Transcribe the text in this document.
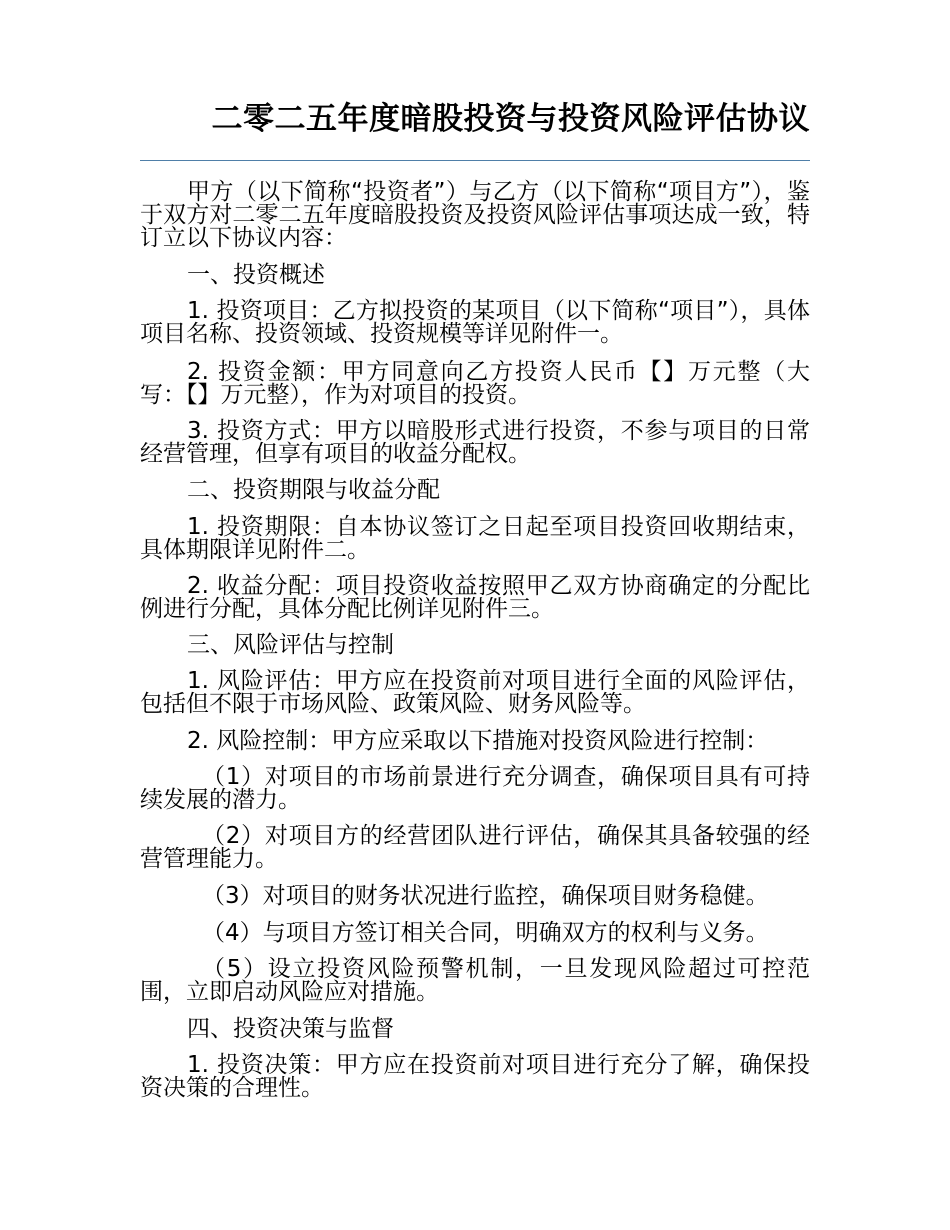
二零二五年度暗股投资与投资风险评估协议
甲方（以下简称“投资者”）与乙方（以下简称“项目方”），鉴于双方对二零二五年度暗股投资及投资风险评估事项达成一致，特订立以下协议内容：
一、投资概述
1. 投资项目：乙方拟投资的某项目（以下简称“项目”），具体项目名称、投资领域、投资规模等详见附件一。
2. 投资金额：甲方同意向乙方投资人民币【】万元整（大写：【】万元整），作为对项目的投资。
3. 投资方式：甲方以暗股形式进行投资，不参与项目的日常经营管理，但享有项目的收益分配权。
二、投资期限与收益分配
1. 投资期限：自本协议签订之日起至项目投资回收期结束，具体期限详见附件二。
2. 收益分配：项目投资收益按照甲乙双方协商确定的分配比例进行分配，具体分配比例详见附件三。
三、风险评估与控制
1. 风险评估：甲方应在投资前对项目进行全面的风险评估，包括但不限于市场风险、政策风险、财务风险等。
2. 风险控制：甲方应采取以下措施对投资风险进行控制：
（1）对项目的市场前景进行充分调查，确保项目具有可持续发展的潜力。
（2）对项目方的经营团队进行评估，确保其具备较强的经营管理能力。
（3）对项目的财务状况进行监控，确保项目财务稳健。
（4）与项目方签订相关合同，明确双方的权利与义务。
（5）设立投资风险预警机制，一旦发现风险超过可控范围，立即启动风险应对措施。
四、投资决策与监督
1. 投资决策：甲方应在投资前对项目进行充分了解，确保投资决策的合理性。
